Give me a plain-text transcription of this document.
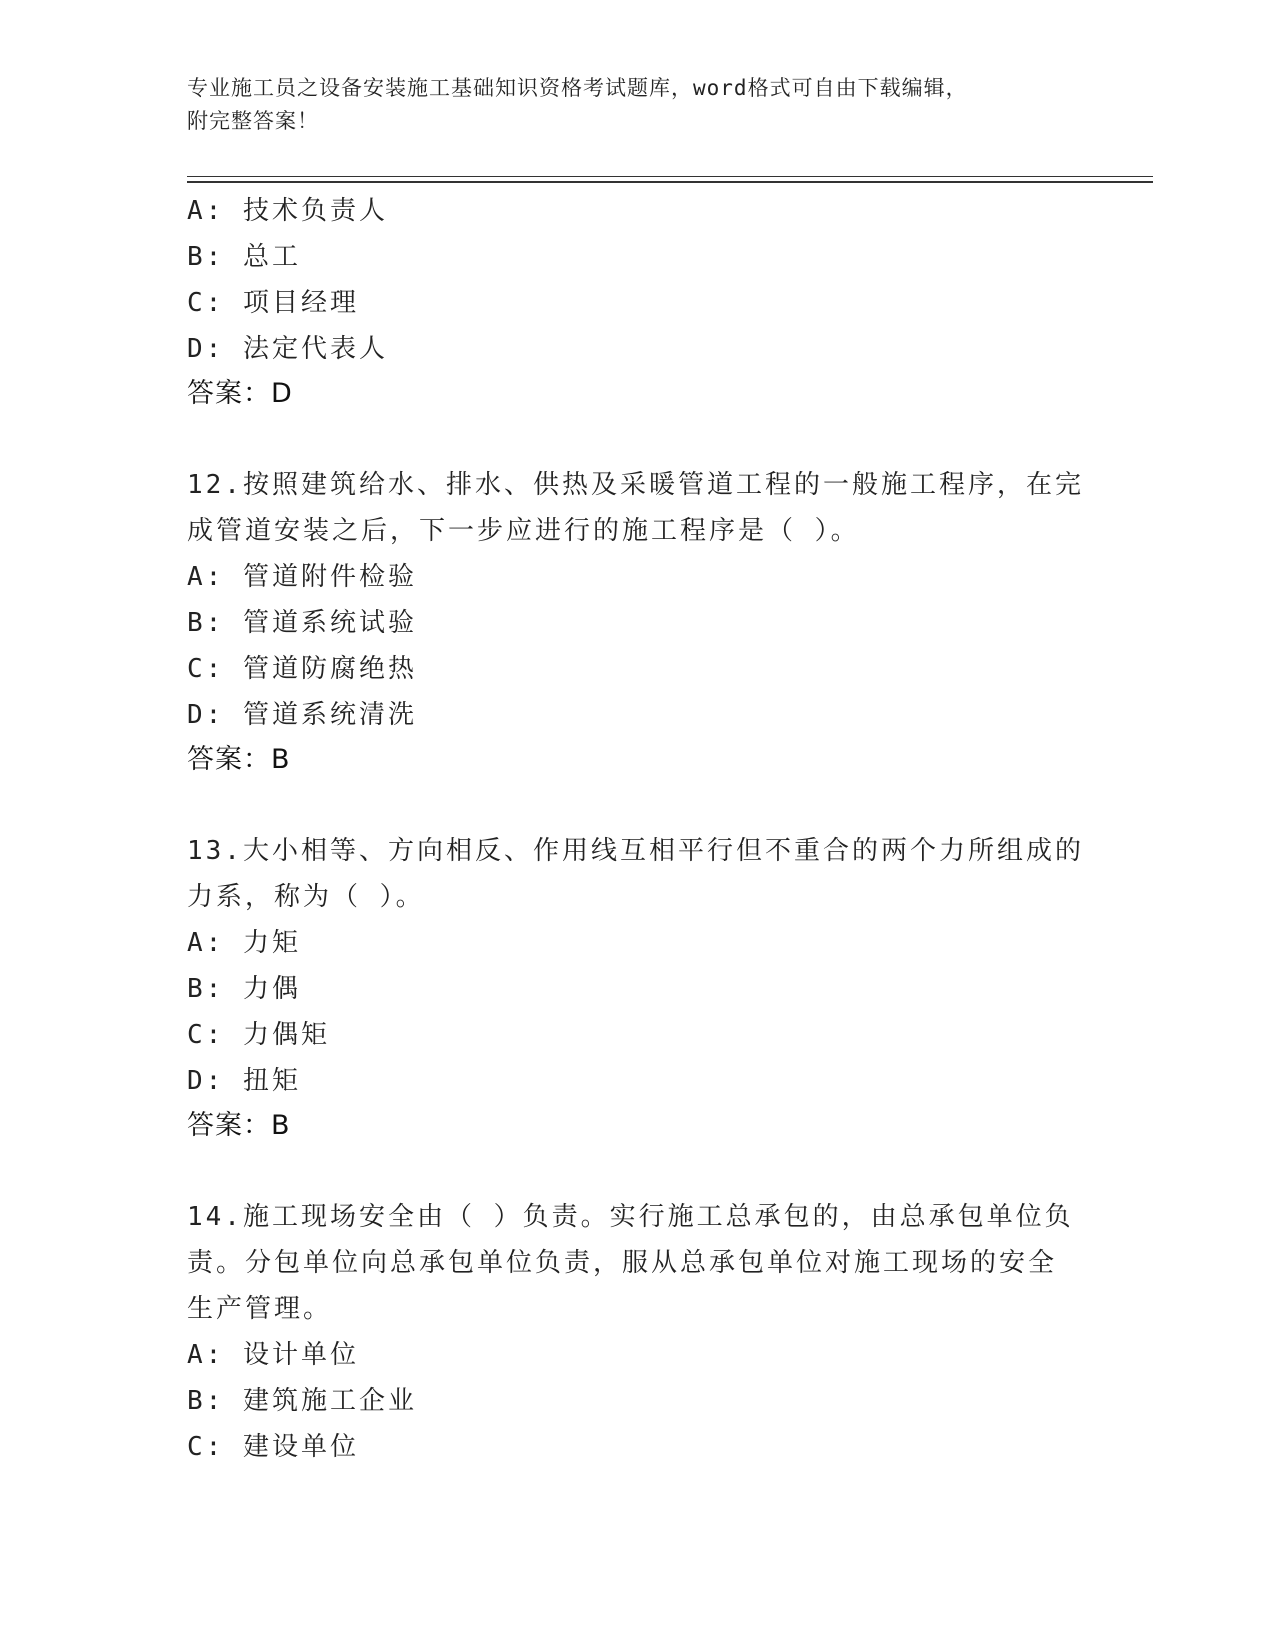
专业施工员之设备安装施工基础知识资格考试题库，word格式可自由下载编辑，
附完整答案！

A: 技术负责人

B: 总工

C: 项目经理

D: 法定代表人

答案：D

12.按照建筑给水、排水、供热及采暖管道工程的一般施工程序，在完

成管道安装之后，下一步应进行的施工程序是（ ）。

A: 管道附件检验

B: 管道系统试验

C: 管道防腐绝热

D: 管道系统清洗

答案：B

13.大小相等、方向相反、作用线互相平行但不重合的两个力所组成的

力系，称为（ ）。

A: 力矩

B: 力偶

C: 力偶矩

D: 扭矩

答案：B

14.施工现场安全由（ ）负责。实行施工总承包的，由总承包单位负

责。分包单位向总承包单位负责，服从总承包单位对施工现场的安全

生产管理。

A: 设计单位

B: 建筑施工企业

C: 建设单位
